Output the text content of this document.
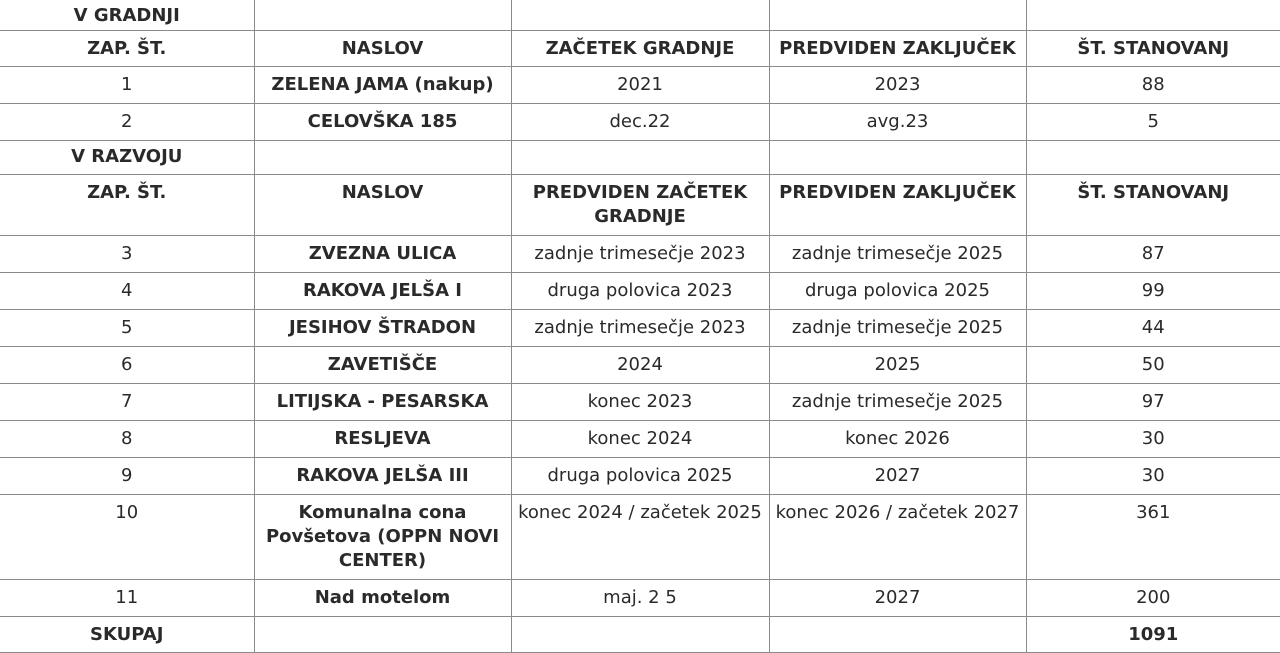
V GRADNJI				
ZAP. ŠT.	NASLOV	ZAČETEK GRADNJE	PREDVIDEN ZAKLJUČEK	ŠT. STANOVANJ
1	ZELENA JAMA (nakup)	2021	2023	88
2	CELOVŠKA 185	dec.22	avg.23	5
V RAZVOJU				
ZAP. ŠT.	NASLOV	PREDVIDEN ZAČETEK GRADNJE	PREDVIDEN ZAKLJUČEK	ŠT. STANOVANJ
3	ZVEZNA ULICA	zadnje trimesečje 2023	zadnje trimesečje 2025	87
4	RAKOVA JELŠA I	druga polovica 2023	druga polovica 2025	99
5	JESIHOV ŠTRADON	zadnje trimesečje 2023	zadnje trimesečje 2025	44
6	ZAVETIŠČE	2024	2025	50
7	LITIJSKA - PESARSKA	konec 2023	zadnje trimesečje 2025	97
8	RESLJEVA	konec 2024	konec 2026	30
9	RAKOVA JELŠA III	druga polovica 2025	2027	30
10	Komunalna cona Povšetova (OPPN NOVI CENTER)	konec 2024 / začetek 2025	konec 2026 / začetek 2027	361
11	Nad motelom	maj. 2 5	2027	200
SKUPAJ				1091
